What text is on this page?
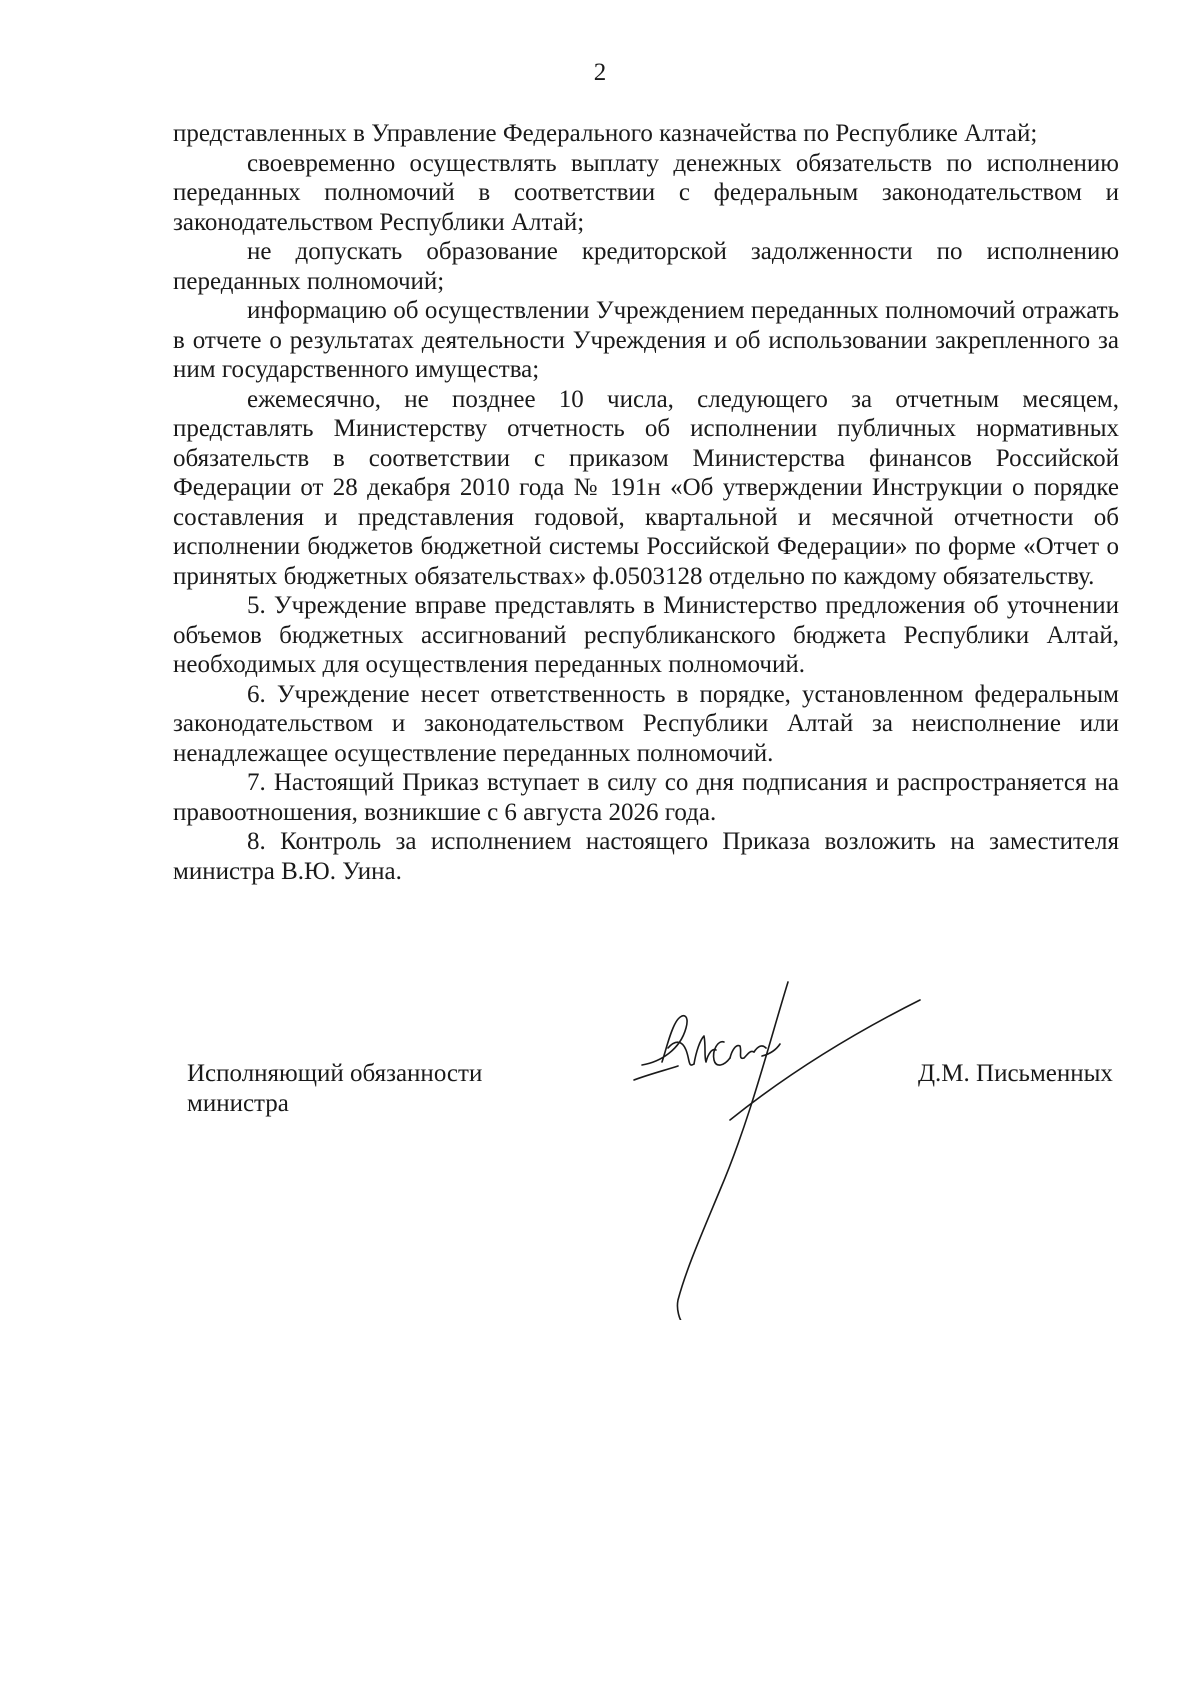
2

представленных в Управление Федерального казначейства по Республике Алтай;

своевременно осуществлять выплату денежных обязательств по исполнению переданных полномочий в соответствии с федеральным законодательством и законодательством Республики Алтай;

не допускать образование кредиторской задолженности по исполнению переданных полномочий;

информацию об осуществлении Учреждением переданных полномочий отражать

в отчете о результатах деятельности Учреждения и об использовании закрепленного за ним государственного имущества;

ежемесячно, не позднее 10 числа, следующего за отчетным месяцем, представлять Министерству отчетность об исполнении публичных нормативных обязательств в соответствии с приказом Министерства финансов Российской Федерации от 28 декабря 2010 года № 191н «Об утверждении Инструкции о порядке составления и представления годовой, квартальной и месячной отчетности об исполнении бюджетов бюджетной системы Российской Федерации» по форме «Отчет о принятых бюджетных обязательствах» ф.0503128 отдельно по каждому обязательству.

5. Учреждение вправе представлять в Министерство предложения об уточнении объемов бюджетных ассигнований республиканского бюджета Республики Алтай, необходимых для осуществления переданных полномочий.

6. Учреждение несет ответственность в порядке, установленном федеральным законодательством и законодательством Республики Алтай за неисполнение или ненадлежащее осуществление переданных полномочий.

7. Настоящий Приказ вступает в силу со дня подписания и распространяется на правоотношения, возникшие с 6 августа 2026 года.

8. Контроль за исполнением настоящего Приказа возложить на заместителя министра В.Ю. Уина.

Исполняющий обязанности
министра
Д.М. Письменных
